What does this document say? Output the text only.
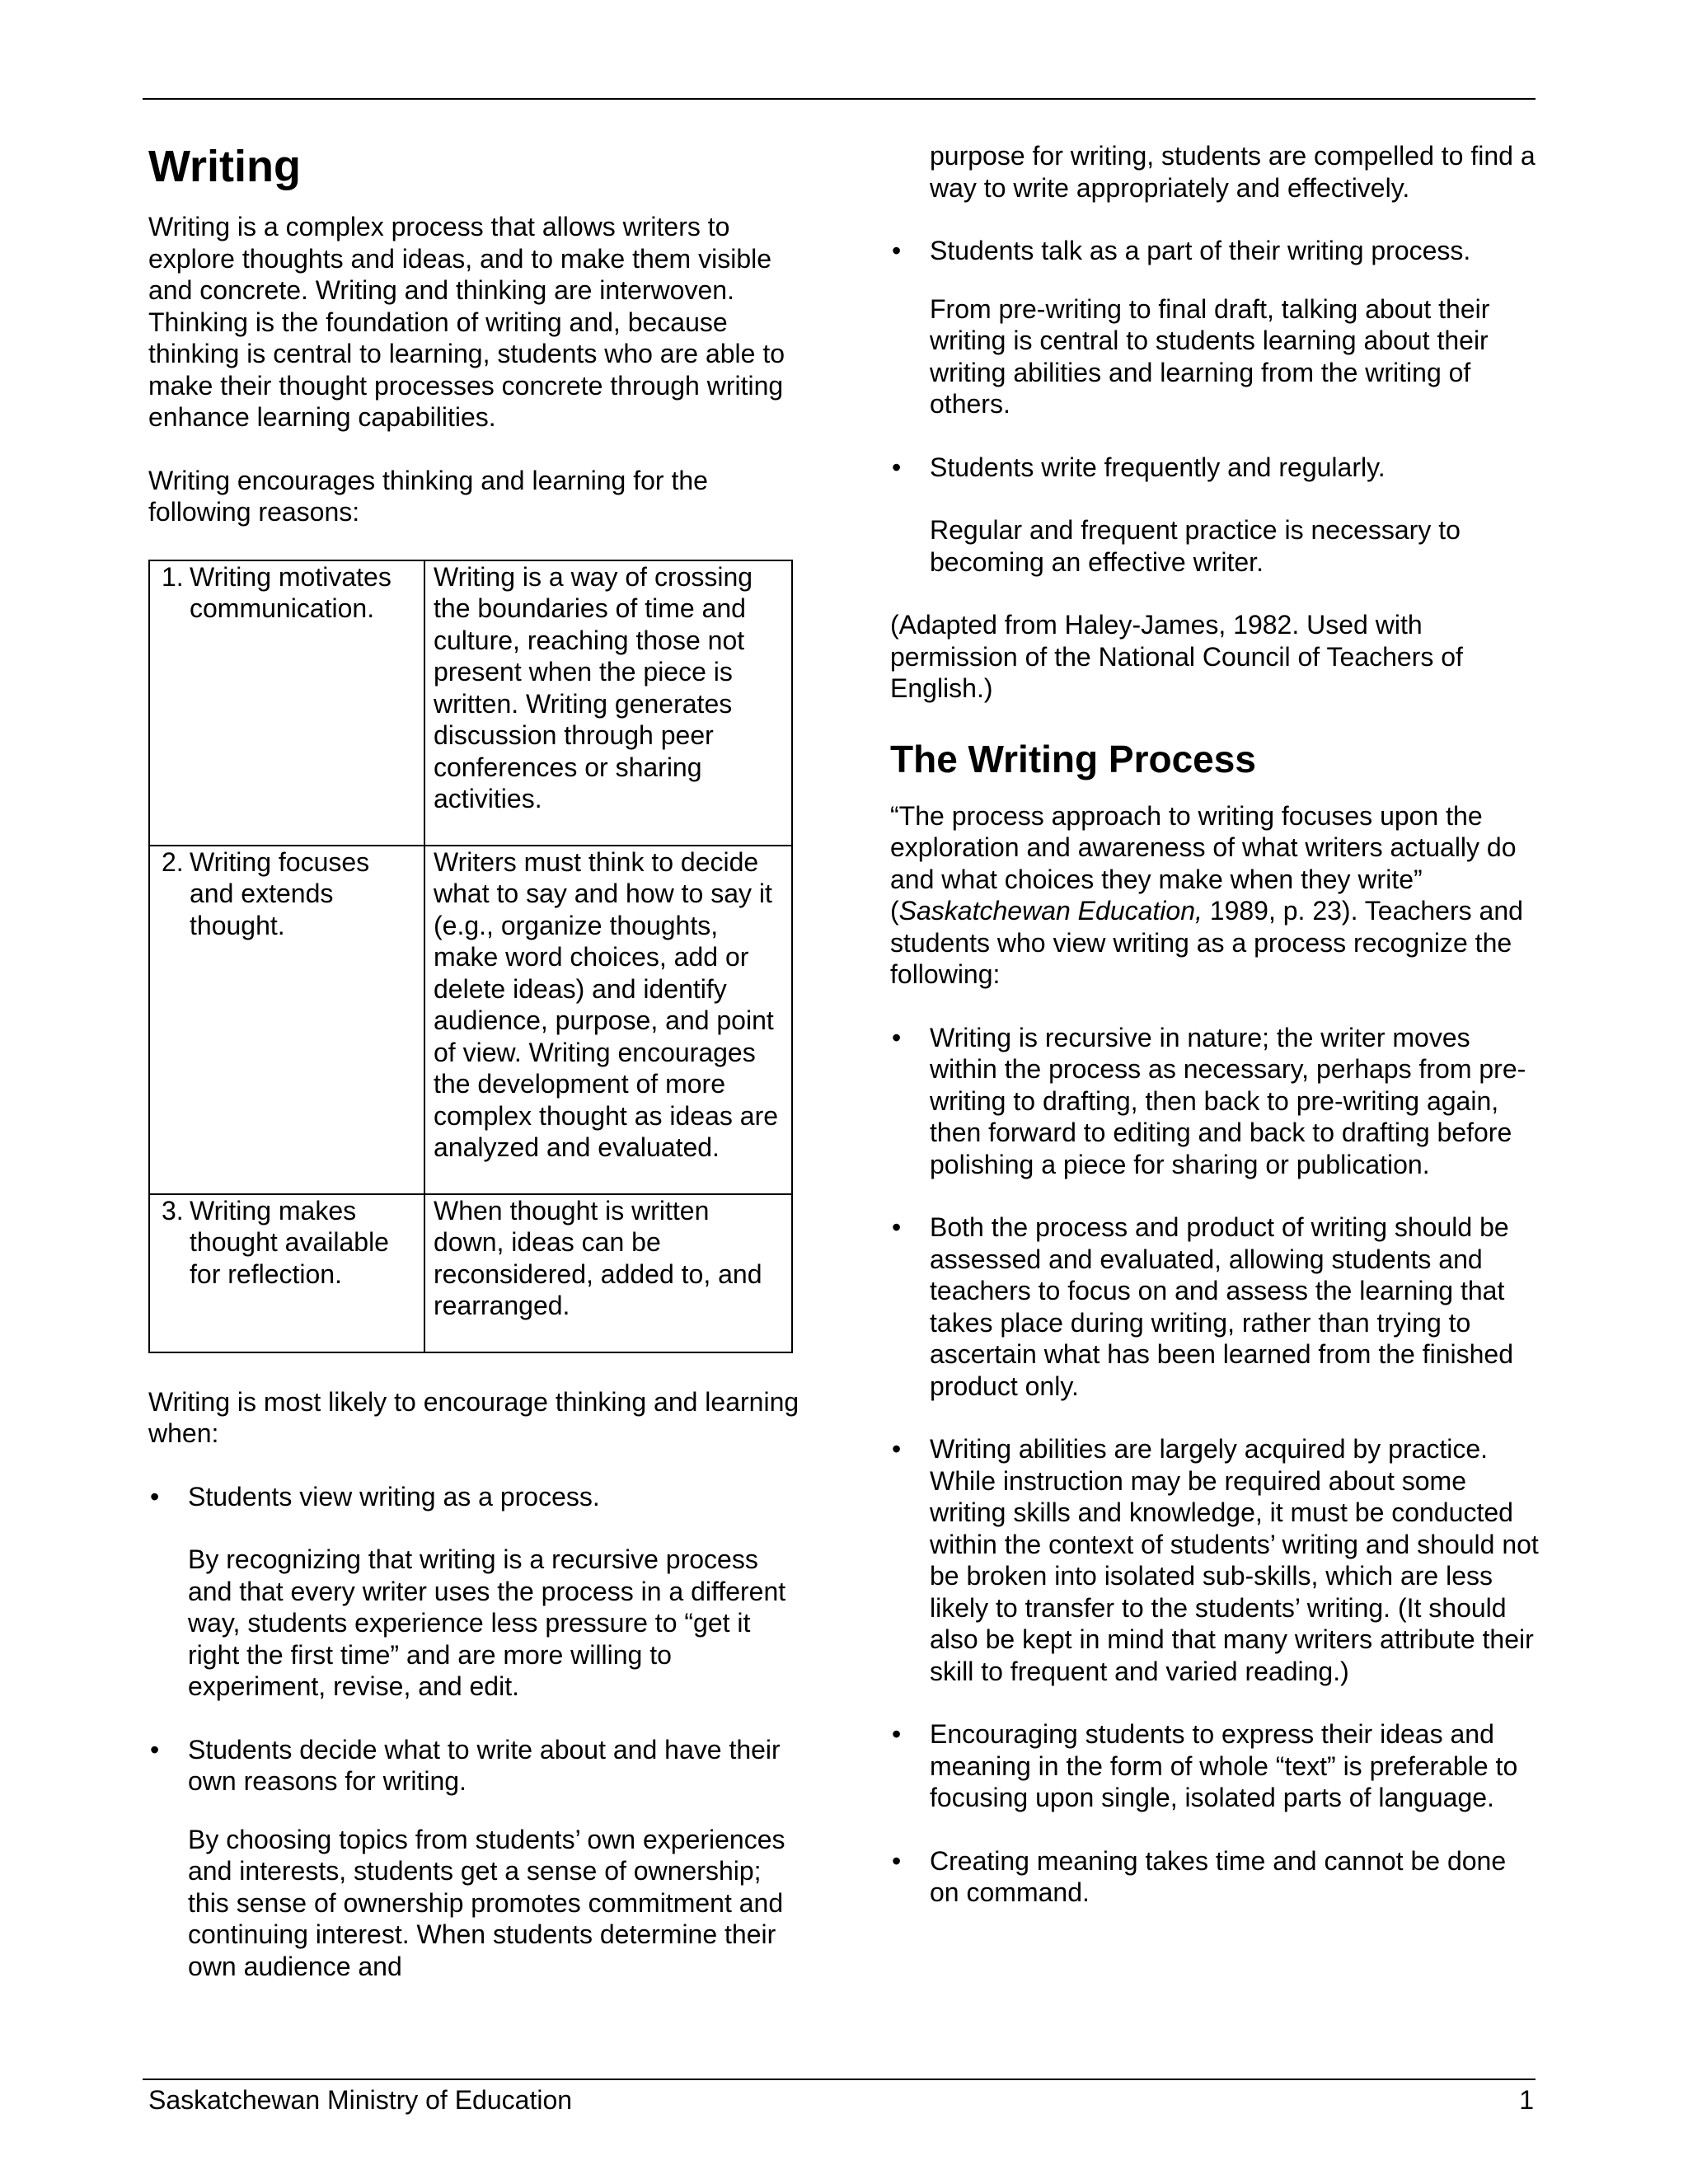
Writing

Writing is a complex process that allows writers to explore thoughts and ideas, and to make them visible and concrete. Writing and thinking are interwoven. Thinking is the foundation of writing and, because thinking is central to learning, students who are able to make their thought processes concrete through writing enhance learning capabilities.

Writing encourages thinking and learning for the following reasons:

1. Writing motivates communication.	Writing is a way of crossing the boundaries of time and culture, reaching those not present when the piece is written. Writing generates discussion through peer conferences or sharing activities.
2. Writing focuses and extends thought.	Writers must think to decide what to say and how to say it (e.g., organize thoughts, make word choices, add or delete ideas) and identify audience, purpose, and point of view. Writing encourages the development of more complex thought as ideas are analyzed and evaluated.
3. Writing makes thought available for reflection.	When thought is written down, ideas can be reconsidered, added to, and rearranged.

Writing is most likely to encourage thinking and learning when:

• Students view writing as a process.

By recognizing that writing is a recursive process and that every writer uses the process in a different way, students experience less pressure to “get it right the first time” and are more willing to experiment, revise, and edit.

• Students decide what to write about and have their own reasons for writing.

By choosing topics from students’ own experiences and interests, students get a sense of ownership; this sense of ownership promotes commitment and continuing interest. When students determine their own audience and

purpose for writing, students are compelled to find a way to write appropriately and effectively.

• Students talk as a part of their writing process.

From pre-writing to final draft, talking about their writing is central to students learning about their writing abilities and learning from the writing of others.

• Students write frequently and regularly.

Regular and frequent practice is necessary to becoming an effective writer.

(Adapted from Haley-James, 1982. Used with permission of the National Council of Teachers of English.)

The Writing Process

“The process approach to writing focuses upon the exploration and awareness of what writers actually do and what choices they make when they write” (Saskatchewan Education, 1989, p. 23). Teachers and students who view writing as a process recognize the following:

• Writing is recursive in nature; the writer moves within the process as necessary, perhaps from pre-writing to drafting, then back to pre-writing again, then forward to editing and back to drafting before polishing a piece for sharing or publication.

• Both the process and product of writing should be assessed and evaluated, allowing students and teachers to focus on and assess the learning that takes place during writing, rather than trying to ascertain what has been learned from the finished product only.

• Writing abilities are largely acquired by practice. While instruction may be required about some writing skills and knowledge, it must be conducted within the context of students’ writing and should not be broken into isolated sub-skills, which are less likely to transfer to the students’ writing. (It should also be kept in mind that many writers attribute their skill to frequent and varied reading.)

• Encouraging students to express their ideas and meaning in the form of whole “text” is preferable to focusing upon single, isolated parts of language.

• Creating meaning takes time and cannot be done on command.

Saskatchewan Ministry of Education	1
